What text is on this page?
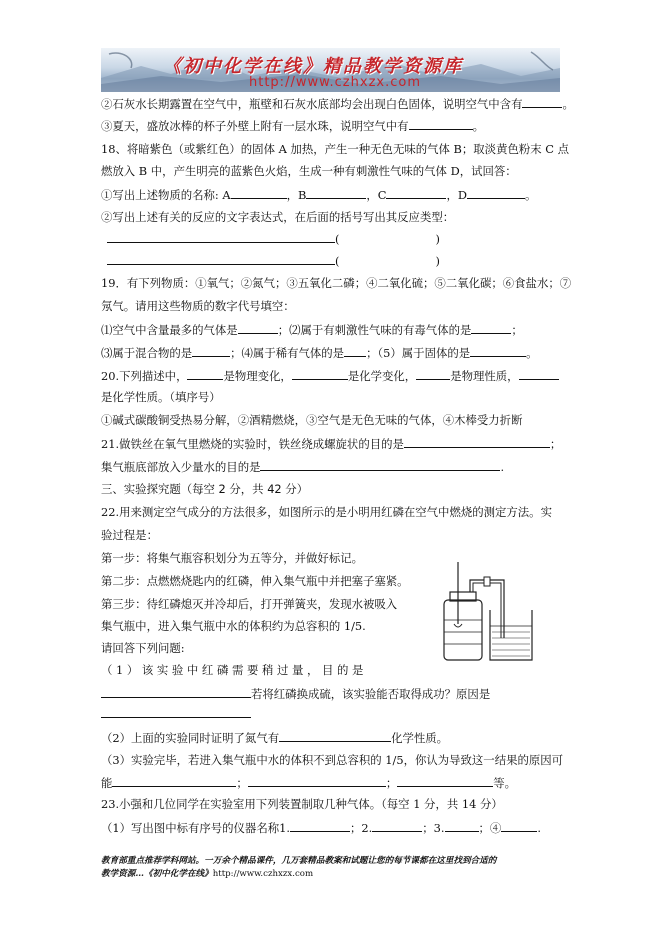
《初中化学在线》精品教学资源库
http://www.czhxzx.com
②石灰水长期露置在空气中，瓶壁和石灰水底部均会出现白色固体，说明空气中含有	。
③夏天，盛放冰棒的杯子外壁上附有一层水珠，说明空气中有	。
18、将暗紫色（或紫红色）的固体 A 加热，产生一种无色无味的气体 B；取淡黄色粉末 C 点
燃放入 B 中，产生明亮的蓝紫色火焰，生成一种有刺激性气味的气体 D，试回答：
①写出上述物质的名称: A	，B	，C	，D	。
②写出上述有关的反应的文字表达式，在后面的括号写出其反应类型：
(	)
(	)
19．有下列物质：①氧气；②氮气；③五氧化二磷；④二氧化硫；⑤二氧化碳；⑥食盐水；⑦
氖气。请用这些物质的数字代号填空：
⑴空气中含量最多的气体是	；⑵属于有刺激性气味的有毒气体的是	；
⑶属于混合物的是	；⑷属于稀有气体的是 ；（5）属于固体的是	。
20.下列描述中，	是物理变化，	是化学变化，	是物理性质，
是化学性质。（填序号）
①碱式碳酸铜受热易分解，②酒精燃烧，③空气是无色无味的气体，④木棒受力折断
21.做铁丝在氧气里燃烧的实验时，铁丝绕成螺旋状的目的是	；
集气瓶底部放入少量水的目的是	.
三、实验探究题（每空 2 分，共 42 分）
22.用来测定空气成分的方法很多，如图所示的是小明用红磷在空气中燃烧的测定方法。实
验过程是：
第一步：将集气瓶容积划分为五等分，并做好标记。
第二步：点燃燃烧匙内的红磷，伸入集气瓶中并把塞子塞紧。
第三步：待红磷熄灭并冷却后，打开弹簧夹，发现水被吸入
集气瓶中，进入集气瓶中水的体积约为总容积的 1/5.
请回答下列问题:
（ 1 ） 该 实 验 中 红 磷 需 要 稍 过 量 ， 目 的 是
若将红磷换成硫，该实验能否取得成功？原因是
（2）上面的实验同时证明了氮气有	化学性质。
（3）实验完毕，若进入集气瓶中水的体积不到总容积的 1/5，你认为导致这一结果的原因可
能	；	；	等。
23.小强和几位同学在实验室用下列装置制取几种气体。（每空 1 分，共 14 分）
（1）写出图中标有序号的仪器名称1.	；2.	；3.	；④	.
教育部重点推荐学科网站。一万余个精品课件，几万套精品教案和试题让您的每节课都在这里找到合适的
教学资源…《初中化学在线》http://www.czhxzx.com
